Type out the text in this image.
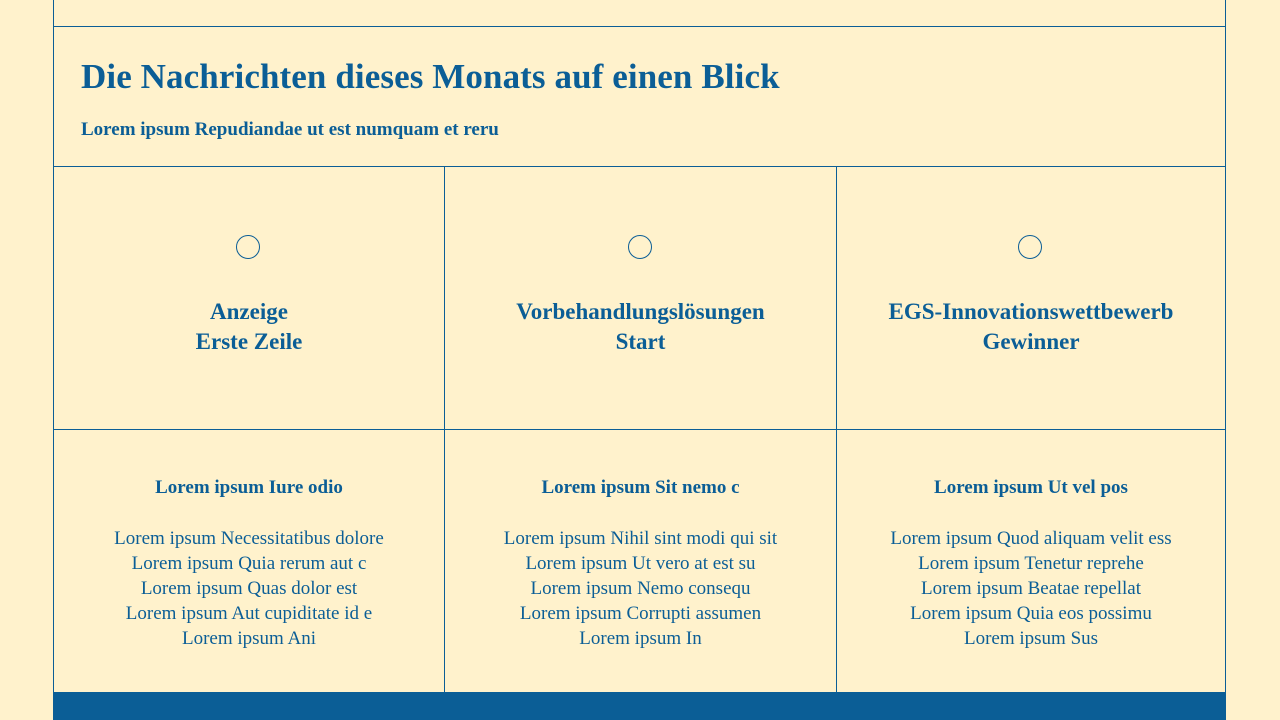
Die Nachrichten dieses Monats auf einen Blick

Lorem ipsum Repudiandae ut est numquam et reru

Anzeige
Erste Zeile
Vorbehandlungslösungen
Start
EGS-Innovationswettbewerb
Gewinner
Lorem ipsum Iure odio
Lorem ipsum Necessitatibus dolore
Lorem ipsum Quia rerum aut c
Lorem ipsum Quas dolor est
Lorem ipsum Aut cupiditate id e
Lorem ipsum Ani
Lorem ipsum Sit nemo c
Lorem ipsum Nihil sint modi qui sit
Lorem ipsum Ut vero at est su
Lorem ipsum Nemo consequ
Lorem ipsum Corrupti assumen
Lorem ipsum In
Lorem ipsum Ut vel pos
Lorem ipsum Quod aliquam velit ess
Lorem ipsum Tenetur reprehe
Lorem ipsum Beatae repellat
Lorem ipsum Quia eos possimu
Lorem ipsum Sus
